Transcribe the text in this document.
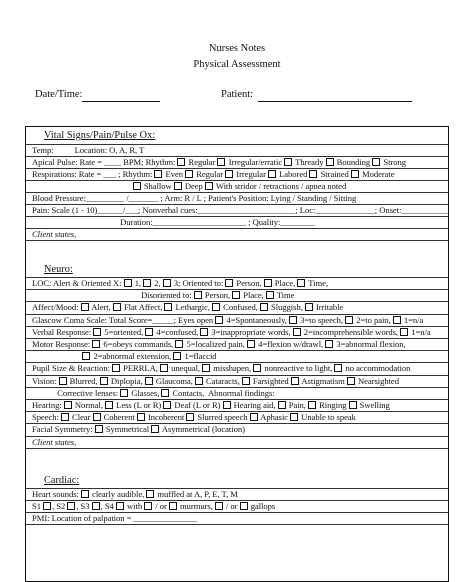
Nurses Notes
Physical Assessment
Date/Time:	Patient:
Vital Signs/Pain/Pulse Ox:
Neuro:
Cardiac:
Temp:          Location: O, A, R, T
Apical Pulse: Rate = ____ BPM; Rhythm:  Regular  Irregular/erratic  Thready  Bounding  Strong
Respirations: Rate = ___ ; Rhythm:  Even  Regular  Irregular  Labored  Strained  Moderate
Shallow  Deep  With stridor / retractions / apnea noted
Blood Pressure:_________ /_______ ; Arm: R / L ; Patient's Position: Lying / Standing / Sitting
Pain: Scale (1 - 10)______/___; Nonverbal cues:_______________________; Loc:______________; Onset:___________
Duration:______________________ ; Quality:________
Client states,
LOC: Alert & Oriented X:  1,  2,  3; Oriented to:  Person,  Place,  Time,
Disoriented to:  Person,  Place,  Time
Affect/Mood:  Alert,  Flat Affect,  Lethargic,  Confused,  Sluggish,  Irritable
Glascow Coma Scale: Total Score=_____; Eyes open  4=Spontaneously,  3=to speech,  2=to pain,  1=n/a
Verbal Response:  5=oriented,  4=confused,  3=inappropriate words,  2=incomprehensible words,  1=n/a
Motor Response:  6=obeys commands,  5=localized pain,  4=flexion w/drawl,  3=abnormal flexion,
2=abnormal extension,  1=flaccid
Pupil Size & Reaction:  PERRLA,  unequal,  misshapen,  nonreactive to light,  no accommodation
Vision:  Blurred,  Diplopia,  Glaucoma,  Cataracts,  Farsighted  Astigmatism  Nearsighted
Corrective lenses:  Glasses,  Contacts,  Abnormal findings:
Hearing:  Normal,  Less (L or R)  Deaf (L or R)  Hearing aid,  Pain,  Ringing  Swelling
Speech:  Clear  Coherent  Incoherent  Slurred speech  Aphasic  Unable to speak
Facial Symmetry:  Symmetrical  Asymmetrical (location)
Client states,
Heart sounds:  clearly audible,  muffled at A, P, E, T, M
S1 , S2 , S3 , S4  with  / or  murmurs,  / or  gallops
PMI: Location of palpation = _______________
